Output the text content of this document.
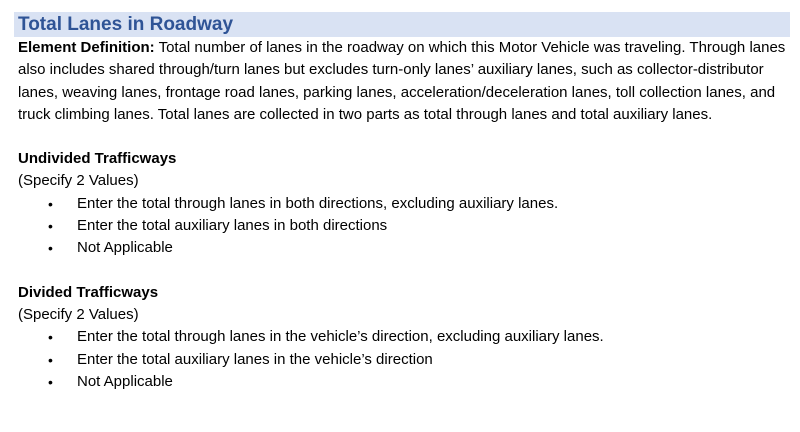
Total Lanes in Roadway

Element Definition: Total number of lanes in the roadway on which this Motor Vehicle was traveling. Through lanes also includes shared through/turn lanes but excludes turn-only lanes’ auxiliary lanes, such as collector-distributor lanes, weaving lanes, frontage road lanes, parking lanes, acceleration/deceleration lanes, toll collection lanes, and truck climbing lanes. Total lanes are collected in two parts as total through lanes and total auxiliary lanes.

Undivided Trafficways

(Specify 2 Values)

• Enter the total through lanes in both directions, excluding auxiliary lanes.
• Enter the total auxiliary lanes in both directions
• Not Applicable

Divided Trafficways

(Specify 2 Values)

• Enter the total through lanes in the vehicle’s direction, excluding auxiliary lanes.
• Enter the total auxiliary lanes in the vehicle’s direction
• Not Applicable
